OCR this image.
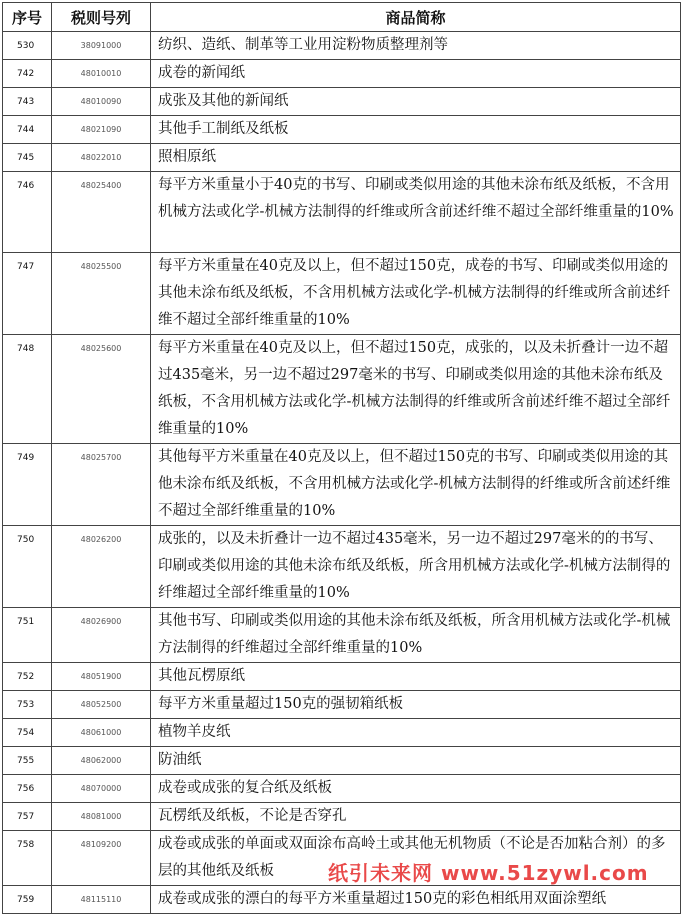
序号	税则号列	商品简称
530	38091000	纺织、造纸、制革等工业用淀粉物质整理剂等
742	48010010	成卷的新闻纸
743	48010090	成张及其他的新闻纸
744	48021090	其他手工制纸及纸板
745	48022010	照相原纸
746	48025400	每平方米重量小于40克的书写、印刷或类似用途的其他未涂布纸及纸板，不含用机械方法或化学-机械方法制得的纤维或所含前述纤维不超过全部纤维重量的10%
747	48025500	每平方米重量在40克及以上，但不超过150克，成卷的书写、印刷或类似用途的其他未涂布纸及纸板，不含用机械方法或化学-机械方法制得的纤维或所含前述纤维不超过全部纤维重量的10%
748	48025600	每平方米重量在40克及以上，但不超过150克，成张的，以及未折叠计一边不超过435毫米，另一边不超过297毫米的书写、印刷或类似用途的其他未涂布纸及纸板，不含用机械方法或化学-机械方法制得的纤维或所含前述纤维不超过全部纤维重量的10%
749	48025700	其他每平方米重量在40克及以上，但不超过150克的书写、印刷或类似用途的其他未涂布纸及纸板，不含用机械方法或化学-机械方法制得的纤维或所含前述纤维不超过全部纤维重量的10%
750	48026200	成张的，以及未折叠计一边不超过435毫米，另一边不超过297毫米的的书写、印刷或类似用途的其他未涂布纸及纸板，所含用机械方法或化学-机械方法制得的纤维超过全部纤维重量的10%
751	48026900	其他书写、印刷或类似用途的其他未涂布纸及纸板，所含用机械方法或化学-机械方法制得的纤维超过全部纤维重量的10%
752	48051900	其他瓦楞原纸
753	48052500	每平方米重量超过150克的强韧箱纸板
754	48061000	植物羊皮纸
755	48062000	防油纸
756	48070000	成卷或成张的复合纸及纸板
757	48081000	瓦楞纸及纸板，不论是否穿孔
758	48109200	成卷或成张的单面或双面涂布高岭土或其他无机物质（不论是否加粘合剂）的多层的其他纸及纸板
759	48115110	成卷或成张的漂白的每平方米重量超过150克的彩色相纸用双面涂塑纸
纸引未来网 www.51zywl.com
